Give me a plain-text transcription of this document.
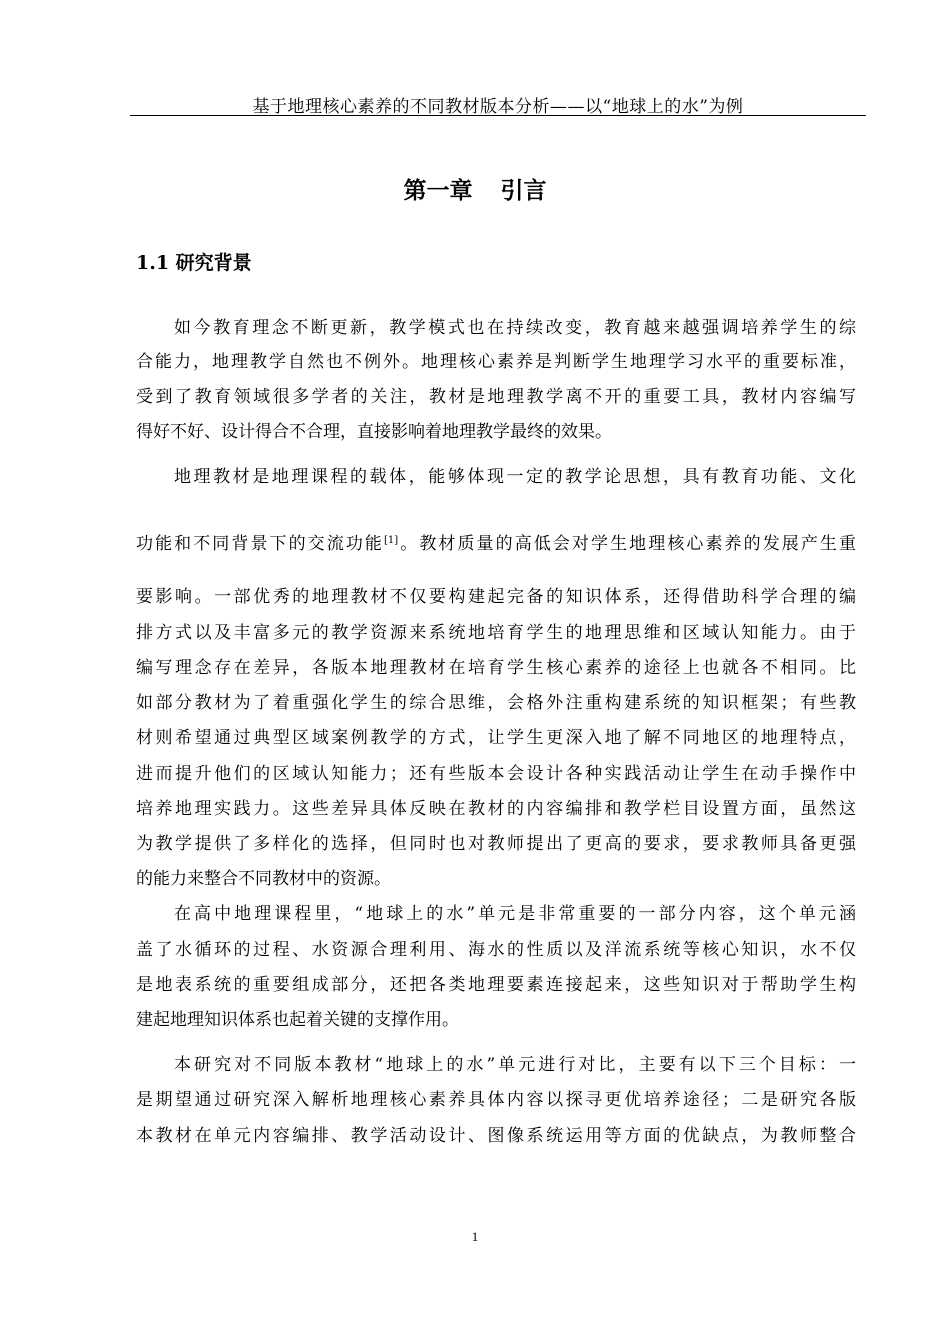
基于地理核心素养的不同教材版本分析——以“地球上的水”为例
第一章 引言
1.1 研究背景
如今教育理念不断更新，教学模式也在持续改变，教育越来越强调培养学生的综
合能力，地理教学自然也不例外。地理核心素养是判断学生地理学习水平的重要标准，
受到了教育领域很多学者的关注，教材是地理教学离不开的重要工具，教材内容编写
得好不好、设计得合不合理，直接影响着地理教学最终的效果。
地理教材是地理课程的载体，能够体现一定的教学论思想，具有教育功能、文化
功能和不同背景下的交流功能[1]。教材质量的高低会对学生地理核心素养的发展产生重
要影响。一部优秀的地理教材不仅要构建起完备的知识体系，还得借助科学合理的编
排方式以及丰富多元的教学资源来系统地培育学生的地理思维和区域认知能力。由于
编写理念存在差异，各版本地理教材在培育学生核心素养的途径上也就各不相同。比
如部分教材为了着重强化学生的综合思维，会格外注重构建系统的知识框架；有些教
材则希望通过典型区域案例教学的方式，让学生更深入地了解不同地区的地理特点，
进而提升他们的区域认知能力；还有些版本会设计各种实践活动让学生在动手操作中
培养地理实践力。这些差异具体反映在教材的内容编排和教学栏目设置方面，虽然这
为教学提供了多样化的选择，但同时也对教师提出了更高的要求，要求教师具备更强
的能力来整合不同教材中的资源。
在高中地理课程里，“地球上的水”单元是非常重要的一部分内容，这个单元涵
盖了水循环的过程、水资源合理利用、海水的性质以及洋流系统等核心知识，水不仅
是地表系统的重要组成部分，还把各类地理要素连接起来，这些知识对于帮助学生构
建起地理知识体系也起着关键的支撑作用。
本研究对不同版本教材“地球上的水”单元进行对比，主要有以下三个目标：一
是期望通过研究深入解析地理核心素养具体内容以探寻更优培养途径；二是研究各版
本教材在单元内容编排、教学活动设计、图像系统运用等方面的优缺点，为教师整合
1
